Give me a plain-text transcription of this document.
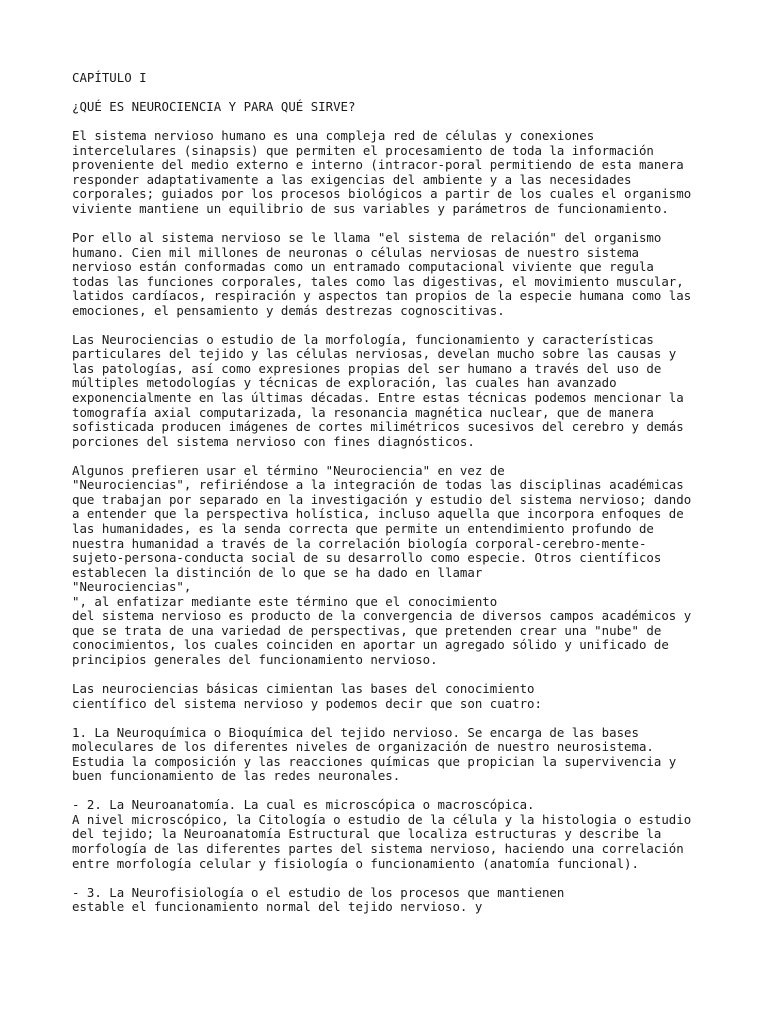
CAPÍTULO I
¿QUÉ ES NEUROCIENCIA Y PARA QUÉ SIRVE?
El sistema nervioso humano es una compleja red de células y conexiones
intercelulares (sinapsis) que permiten el procesamiento de toda la información
proveniente del medio externo e interno (intracor-poral permitiendo de esta manera
responder adaptativamente a las exigencias del ambiente y a las necesidades
corporales; guiados por los procesos biológicos a partir de los cuales el organismo
viviente mantiene un equilibrio de sus variables y parámetros de funcionamiento.
Por ello al sistema nervioso se le llama "el sistema de relación" del organismo
humano. Cien mil millones de neuronas o células nerviosas de nuestro sistema
nervioso están conformadas como un entramado computacional viviente que regula
todas las funciones corporales, tales como las digestivas, el movimiento muscular,
latidos cardíacos, respiración y aspectos tan propios de la especie humana como las
emociones, el pensamiento y demás destrezas cognoscitivas.
Las Neurociencias o estudio de la morfología, funcionamiento y características
particulares del tejido y las células nerviosas, develan mucho sobre las causas y
las patologías, así como expresiones propias del ser humano a través del uso de
múltiples metodologías y técnicas de exploración, las cuales han avanzado
exponencialmente en las últimas décadas. Entre estas técnicas podemos mencionar la
tomografía axial computarizada, la resonancia magnética nuclear, que de manera
sofisticada producen imágenes de cortes milimétricos sucesivos del cerebro y demás
porciones del sistema nervioso con fines diagnósticos.
Algunos prefieren usar el término "Neurociencia" en vez de
"Neurociencias", refiriéndose a la integración de todas las disciplinas académicas
que trabajan por separado en la investigación y estudio del sistema nervioso; dando
a entender que la perspectiva holística, incluso aquella que incorpora enfoques de
las humanidades, es la senda correcta que permite un entendimiento profundo de
nuestra humanidad a través de la correlación biología corporal-cerebro-mente-
sujeto-persona-conducta social de su desarrollo como especie. Otros científicos
establecen la distinción de lo que se ha dado en llamar
"Neurociencias",
", al enfatizar mediante este término que el conocimiento
del sistema nervioso es producto de la convergencia de diversos campos académicos y
que se trata de una variedad de perspectivas, que pretenden crear una "nube" de
conocimientos, los cuales coinciden en aportar un agregado sólido y unificado de
principios generales del funcionamiento nervioso.
Las neurociencias básicas cimientan las bases del conocimiento
científico del sistema nervioso y podemos decir que son cuatro:
1. La Neuroquímica o Bioquímica del tejido nervioso. Se encarga de las bases
moleculares de los diferentes niveles de organización de nuestro neurosistema.
Estudia la composición y las reacciones químicas que propician la supervivencia y
buen funcionamiento de las redes neuronales.
- 2. La Neuroanatomía. La cual es microscópica o macroscópica.
A nivel microscópico, la Citología o estudio de la célula y la histologia o estudio
del tejido; la Neuroanatomía Estructural que localiza estructuras y describe la
morfología de las diferentes partes del sistema nervioso, haciendo una correlación
entre morfología celular y fisiología o funcionamiento (anatomía funcional).
- 3. La Neurofisiología o el estudio de los procesos que mantienen
estable el funcionamiento normal del tejido nervioso. y
